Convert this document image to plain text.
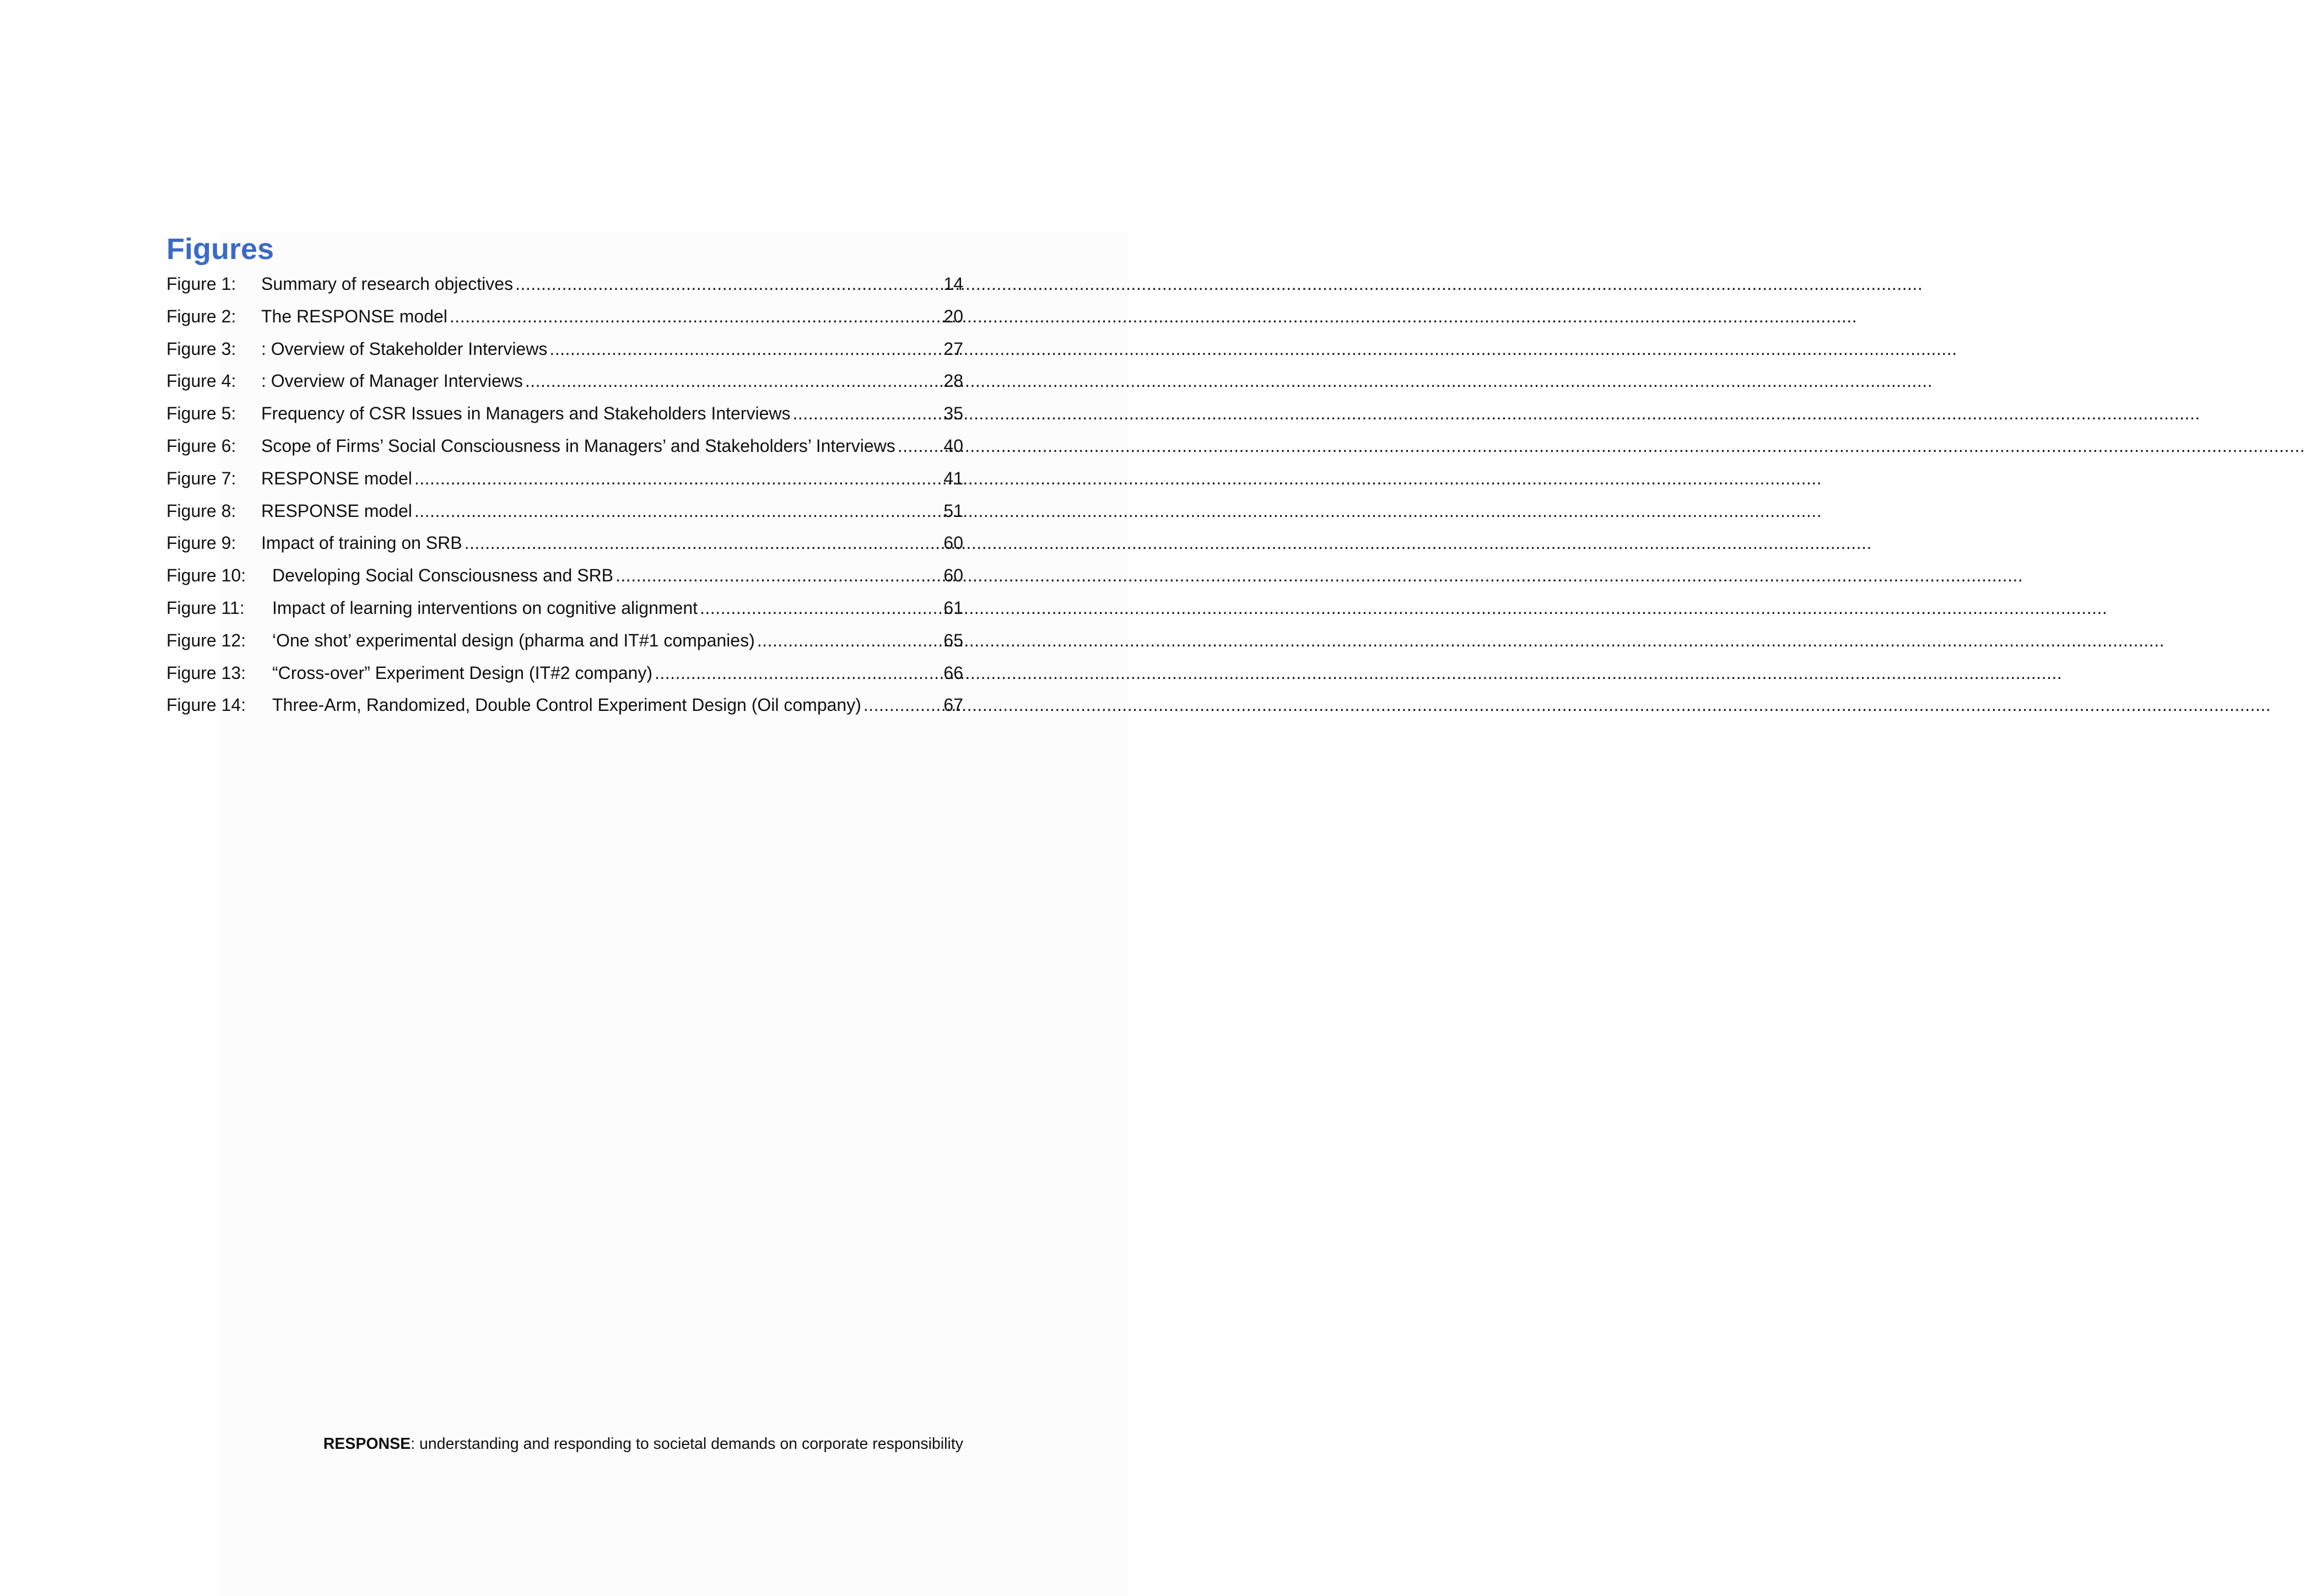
Figures
Figure 1:	Summary of research objectives .....	14
Figure 2:	The RESPONSE model .....	20
Figure 3:	: Overview of Stakeholder Interviews .....	27
Figure 4:	: Overview of Manager Interviews .....	28
Figure 5:	Frequency of CSR Issues in Managers and Stakeholders Interviews .....	35
Figure 6:	Scope of Firms’ Social Consciousness in Managers’ and Stakeholders’ Interviews .....	40
Figure 7:	RESPONSE model .....	41
Figure 8:	RESPONSE model .....	51
Figure 9:	Impact of training on SRB .....	60
Figure 10:	Developing Social Consciousness and SRB .....	60
Figure 11:	Impact of learning interventions on cognitive alignment .....	61
Figure 12:	‘One shot’ experimental design (pharma and IT#1 companies) .....	65
Figure 13:	“Cross-over” Experiment Design (IT#2 company) .....	66
Figure 14:	Three-Arm, Randomized, Double Control Experiment Design (Oil company) .....	67
RESPONSE: understanding and responding to societal demands on corporate responsibility
